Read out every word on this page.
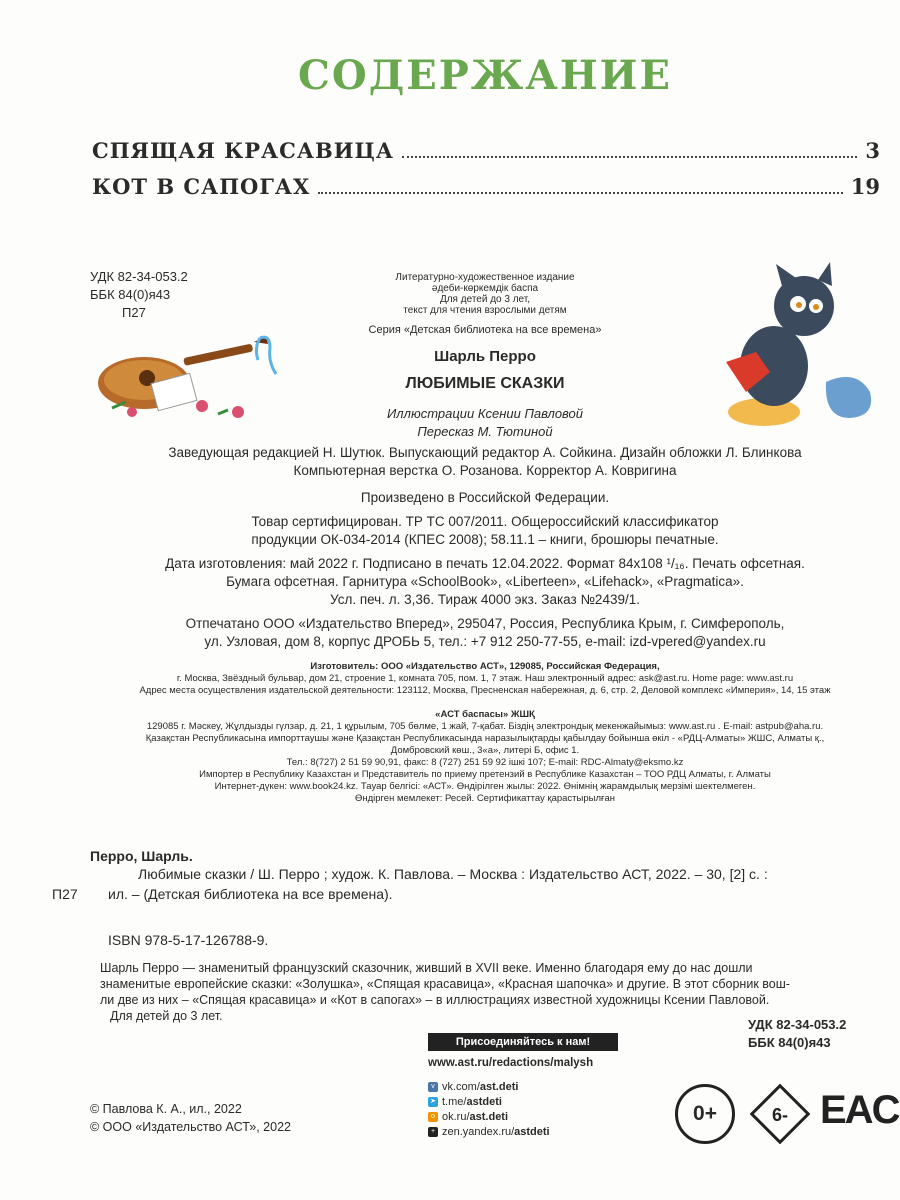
СОДЕРЖАНИЕ
СПЯЩАЯ КРАСАВИЦА	3
КОТ В САПОГАХ	19
УДК 82-34-053.2
ББК 84(0)я43
П27
Литературно-художественное издание
әдеби-көркемдік баспа
Для детей до 3 лет,
текст для чтения взрослыми детям
Серия «Детская библиотека на все времена»
Шарль Перро
ЛЮБИМЫЕ СКАЗКИ
Иллюстрации Ксении Павловой
Пересказ М. Тютиной
Заведующая редакцией Н. Шутюк. Выпускающий редактор А. Сойкина. Дизайн обложки Л. Блинкова
Компьютерная верстка О. Розанова. Корректор А. Ковригина
Произведено в Российской Федерации.
Товар сертифицирован. ТР ТС 007/2011. Общероссийский классификатор
продукции ОК-034-2014 (КПЕС 2008); 58.11.1 – книги, брошюры печатные.
Дата изготовления: май 2022 г. Подписано в печать 12.04.2022. Формат 84x108 ¹/₁₆. Печать офсетная.
Бумага офсетная. Гарнитура «SchoolBook», «Liberteen», «Lifehack», «Pragmatica».
Усл. печ. л. 3,36. Тираж 4000 экз. Заказ №2439/1.
Отпечатано ООО «Издательство Вперед», 295047, Россия, Республика Крым, г. Симферополь,
ул. Узловая, дом 8, корпус ДРОБЬ 5, тел.: +7 912 250-77-55, e-mail: izd-vpered@yandex.ru
Изготовитель: ООО «Издательство АСТ», 129085, Российская Федерация,
г. Москва, Звёздный бульвар, дом 21, строение 1, комната 705, пом. 1, 7 этаж. Наш электронный адрес: ask@ast.ru. Home page: www.ast.ru
Адрес места осуществления издательской деятельности: 123112, Москва, Пресненская набережная, д. 6, стр. 2, Деловой комплекс «Империя», 14, 15 этаж
«АСТ баспасы» ЖШҚ
129085 г. Мәскеу, Жұлдызды гүлзар, д. 21, 1 құрылым, 705 бөлме, 1 жай, 7-қабат. Біздің электрондық мекенжайымыз: www.ast.ru . E-mail: astpub@aha.ru.
Қазақстан Республикасына импорттаушы және Қазақстан Республикасында наразылықтарды қабылдау бойынша өкіл - «РДЦ-Алматы» ЖШС, Алматы қ.,
Домбровский көш., 3«а», литері Б, офис 1.
Тел.: 8(727) 2 51 59 90,91, факс: 8 (727) 251 59 92 ішкі 107; E-mail: RDC-Almaty@eksmo.kz
Импортер в Республику Казахстан и Представитель по приему претензий в Республике Казахстан – ТОО РДЦ Алматы, г. Алматы
Интернет-дүкен: www.book24.kz. Тауар белгісі: «АСТ». Өндірілген жылы: 2022. Өнімнің жарамдылық мерзімі шектелмеген.
Өндірген мемлекет: Ресей. Сертификаттау қарастырылған
Перро, Шарль.
Любимые сказки / Ш. Перро ; худож. К. Павлова. – Москва : Издательство АСТ, 2022. – 30, [2] с. :
П27 ил. – (Детская библиотека на все времена).
ISBN 978-5-17-126788-9.
Шарль Перро — знаменитый французский сказочник, живший в XVII веке. Именно благодаря ему до нас дошли
знаменитые европейские сказки: «Золушка», «Спящая красавица», «Красная шапочка» и другие. В этот сборник вош-
ли две из них – «Спящая красавица» и «Кот в сапогах» – в иллюстрациях известной художницы Ксении Павловой.
Для детей до 3 лет.
УДК 82-34-053.2
ББК 84(0)я43
Присоединяйтесь к нам!
www.ast.ru/redactions/malysh
v vk.com/ast.deti
➤ t.me/astdeti
o ok.ru/ast.deti
+ zen.yandex.ru/astdeti
© Павлова К. А., ил., 2022
© ООО «Издательство АСТ», 2022
0+	6- EAC
